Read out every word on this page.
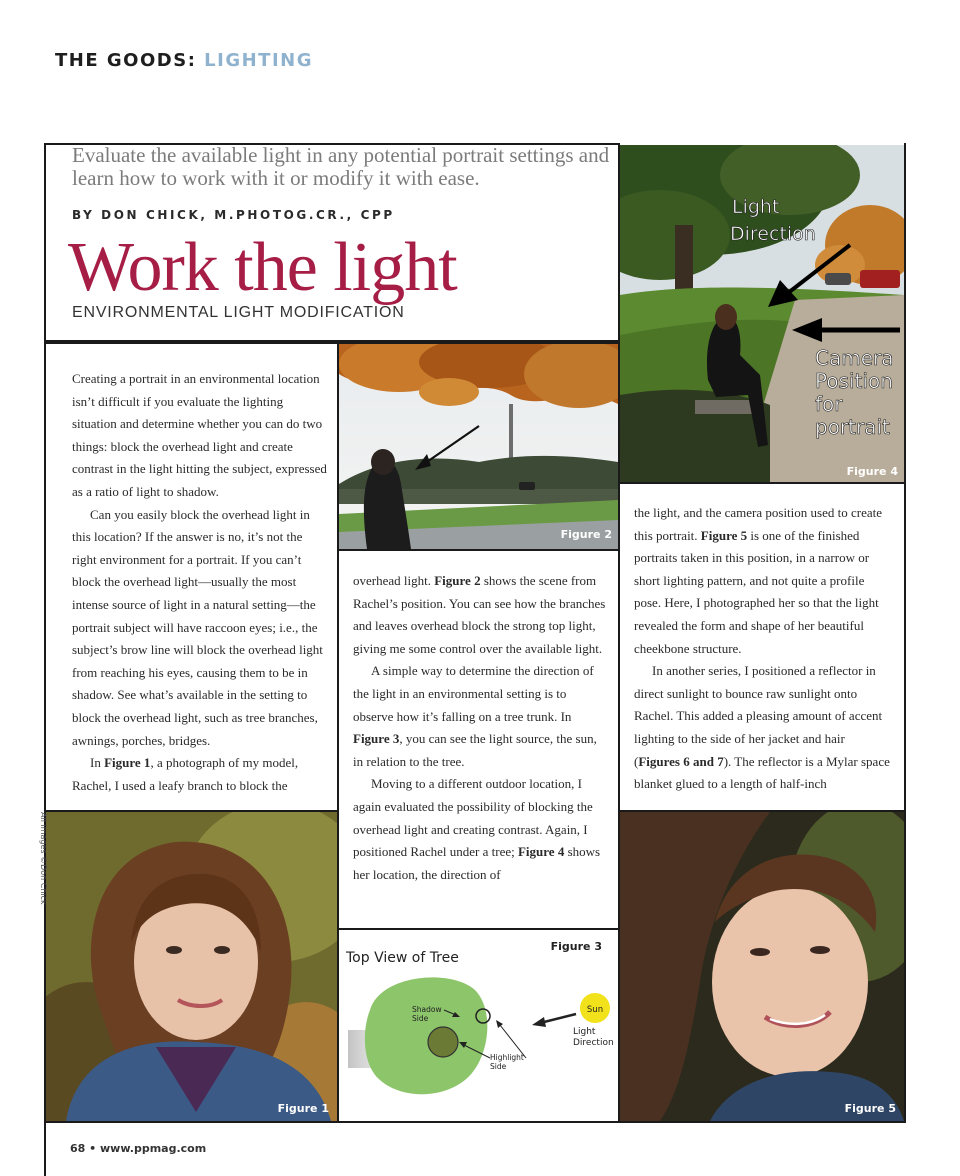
THE GOODS: LIGHTING
Evaluate the available light in any potential portrait settings and learn how to work with it or modify it with ease.
BY DON CHICK, M.PHOTOG.CR., CPP
Work the light
ENVIRONMENTAL LIGHT MODIFICATION

Creating a portrait in an environmental location isn’t difficult if you evaluate the lighting situation and determine whether you can do two things: block the overhead light and create contrast in the light hitting the subject, expressed as a ratio of light to shadow.

Can you easily block the overhead light in this location? If the answer is no, it’s not the right environment for a portrait. If you can’t block the overhead light—usually the most intense source of light in a natural setting—the portrait subject will have raccoon eyes; i.e., the subject’s brow line will block the overhead light from reaching his eyes, causing them to be in shadow. See what’s available in the setting to block the overhead light, such as tree branches, awnings, porches, bridges.

In Figure 1, a photograph of my model, Rachel, I used a leafy branch to block the

overhead light. Figure 2 shows the scene from Rachel’s position. You can see how the branches and leaves overhead block the strong top light, giving me some control over the available light.

A simple way to determine the direction of the light in an environmental setting is to observe how it’s falling on a tree trunk. In Figure 3, you can see the light source, the sun, in relation to the tree.

Moving to a different outdoor location, I again evaluated the possibility of blocking the overhead light and creating contrast. Again, I positioned Rachel under a tree; Figure 4 shows her location, the direction of

the light, and the camera position used to create this portrait. Figure 5 is one of the finished portraits taken in this position, in a narrow or short lighting pattern, and not quite a profile pose. Here, I photographed her so that the light revealed the form and shape of her beautiful cheekbone structure.

In another series, I positioned a reflector in direct sunlight to bounce raw sunlight onto Rachel. This added a pleasing amount of accent lighting to the side of her jacket and hair (Figures 6 and 7). The reflector is a Mylar space blanket glued to a length of half-inch

Figure 2
Light
Direction
Camera
Position
for
portrait
Figure 4
Figure 1	Figure 5
Figure 3
Top View of Tree
Shadow
Side
Highlight
Side
Sun
Light
Direction
All images ©Don Chick
68 • www.ppmag.com
